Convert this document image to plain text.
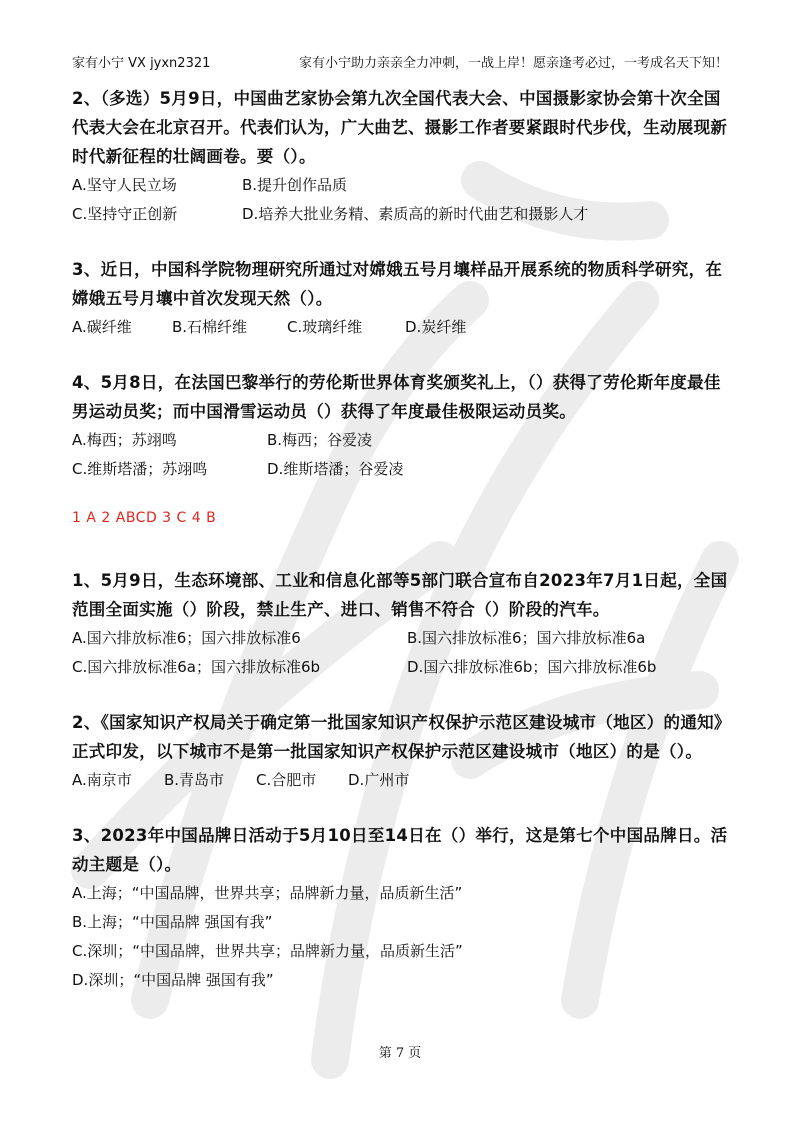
家有小宁 VX jyxn2321	家有小宁助力亲亲全力冲刺，一战上岸！愿亲逢考必过，一考成名天下知！
2、（多选）5月9日，中国曲艺家协会第九次全国代表大会、中国摄影家协会第十次全国代表大会在北京召开。代表们认为，广大曲艺、摄影工作者要紧跟时代步伐，生动展现新时代新征程的壮阔画卷。要（）。
A.坚守人民立场	B.提升创作品质
C.坚持守正创新	D.培养大批业务精、素质高的新时代曲艺和摄影人才
3、近日，中国科学院物理研究所通过对嫦娥五号月壤样品开展系统的物质科学研究，在嫦娥五号月壤中首次发现天然（）。
A.碳纤维	B.石棉纤维	C.玻璃纤维	D.炭纤维
4、5月8日，在法国巴黎举行的劳伦斯世界体育奖颁奖礼上，（）获得了劳伦斯年度最佳男运动员奖；而中国滑雪运动员（）获得了年度最佳极限运动员奖。
A.梅西；苏翊鸣	B.梅西；谷爱凌
C.维斯塔潘；苏翊鸣	D.维斯塔潘；谷爱凌
1 A 2 ABCD 3 C 4 B
1、5月9日，生态环境部、工业和信息化部等5部门联合宣布自2023年7月1日起，全国范围全面实施（）阶段，禁止生产、进口、销售不符合（）阶段的汽车。
A.国六排放标准6；国六排放标准6	B.国六排放标准6；国六排放标准6a
C.国六排放标准6a；国六排放标准6b	D.国六排放标准6b；国六排放标准6b
2、《国家知识产权局关于确定第一批国家知识产权保护示范区建设城市（地区）的通知》正式印发，以下城市不是第一批国家知识产权保护示范区建设城市（地区）的是（）。
A.南京市	B.青岛市	C.合肥市	D.广州市
3、2023年中国品牌日活动于5月10日至14日在（）举行，这是第七个中国品牌日。活动主题是（）。
A.上海；“中国品牌，世界共享；品牌新力量，品质新生活”
B.上海；“中国品牌 强国有我”
C.深圳；“中国品牌，世界共享；品牌新力量，品质新生活”
D.深圳；“中国品牌 强国有我”
第 7 页
